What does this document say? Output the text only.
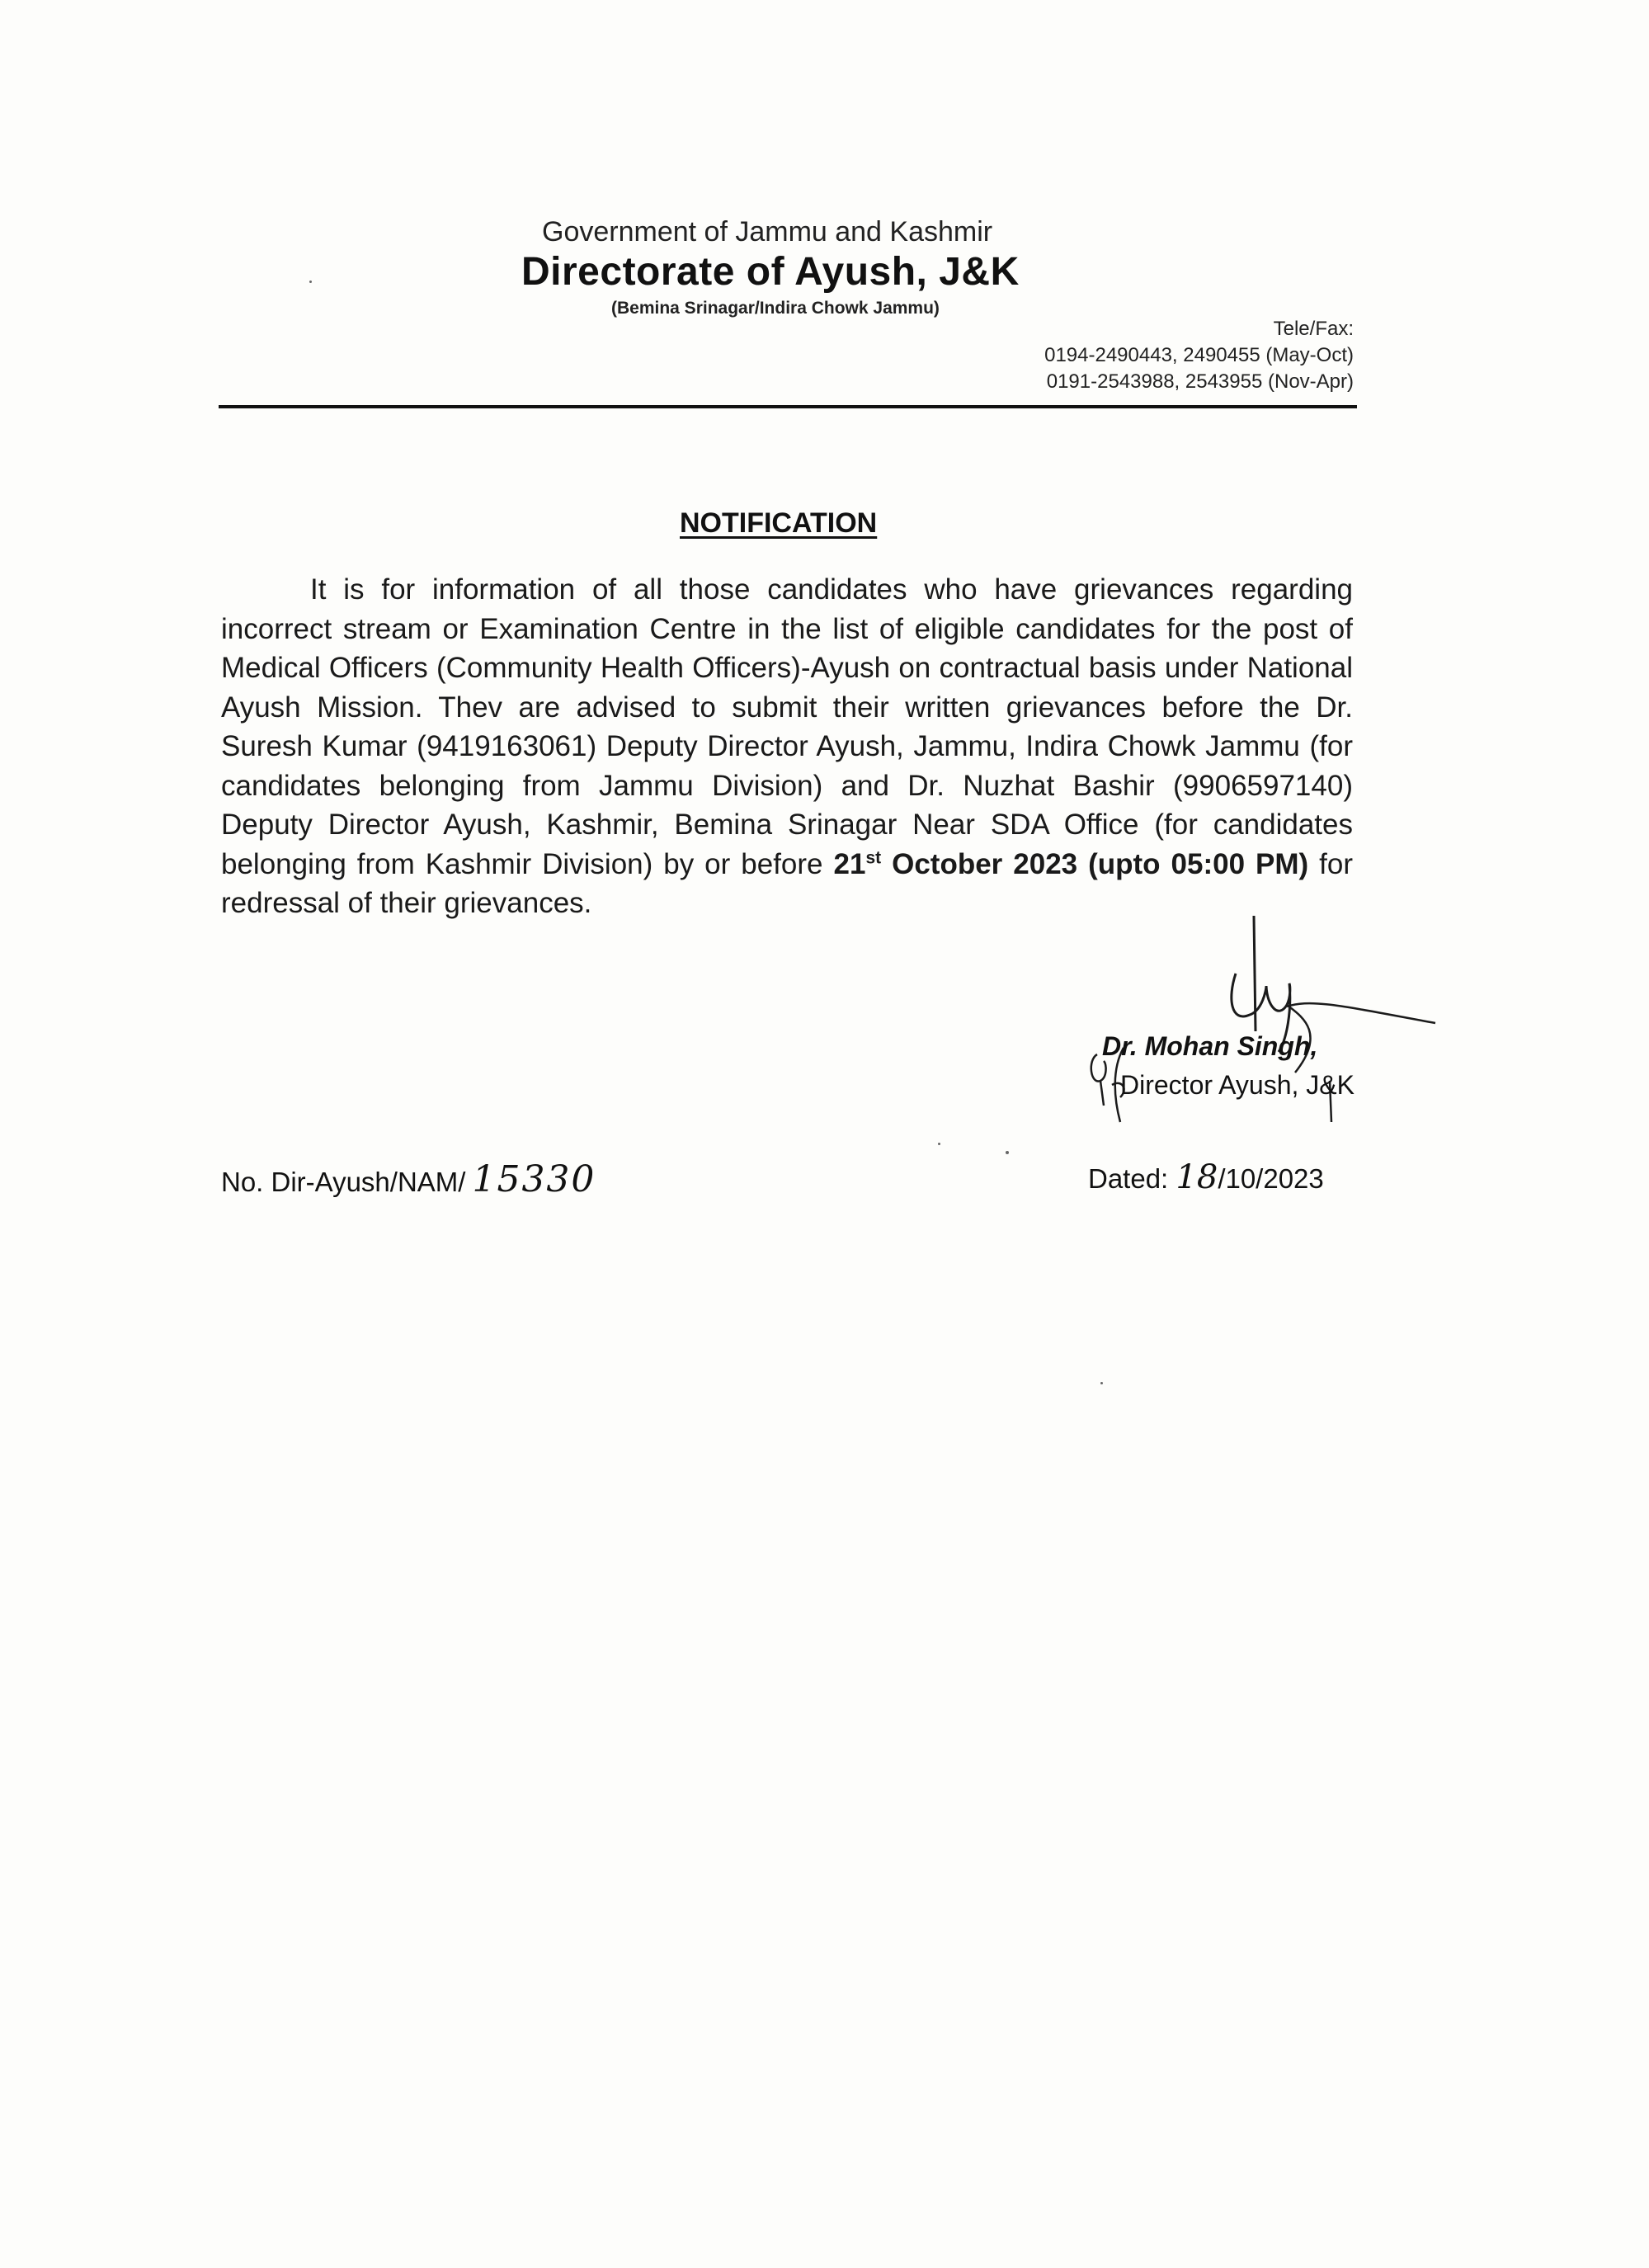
Government of Jammu and Kashmir
Directorate of Ayush, J&K
(Bemina Srinagar/Indira Chowk Jammu)
Tele/Fax:
0194-2490443, 2490455 (May-Oct)
0191-2543988, 2543955 (Nov-Apr)
NOTIFICATION
It is for information of all those candidates who have grievances regarding incorrect stream or Examination Centre in the list of eligible candidates for the post of Medical Officers (Community Health Officers)-Ayush on contractual basis under National Ayush Mission. Thev are advised to submit their written grievances before the Dr. Suresh Kumar (9419163061) Deputy Director Ayush, Jammu, Indira Chowk Jammu (for candidates belonging from Jammu Division) and Dr. Nuzhat Bashir (9906597140) Deputy Director Ayush, Kashmir, Bemina Srinagar Near SDA Office (for candidates belonging from Kashmir Division) by or before 21st October 2023 (upto 05:00 PM) for redressal of their grievances.
Dr. Mohan Singh,
Director Ayush, J&K
No. Dir-Ayush/NAM/ 15330	Dated: 18/10/2023
